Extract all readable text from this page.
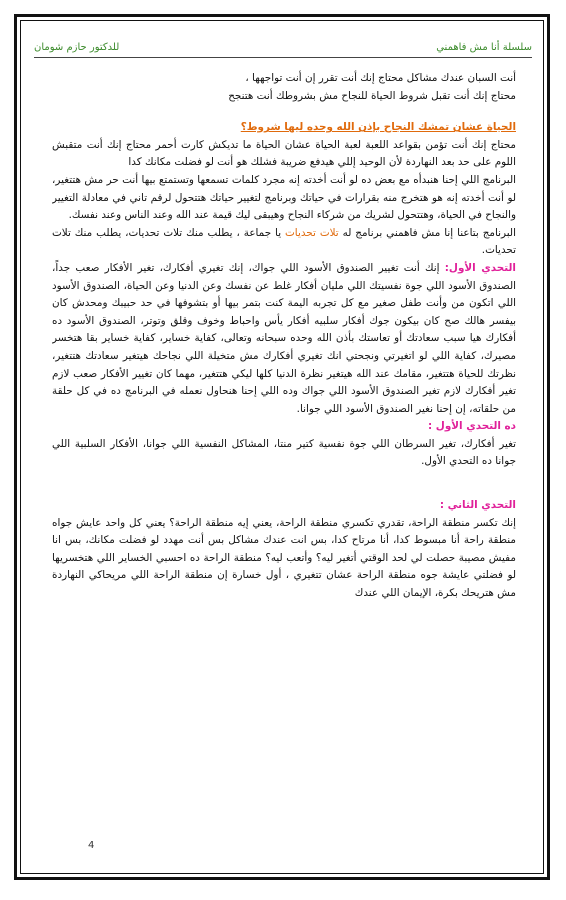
سلسلة أنا مش فاهمني
للدكتور حازم شومان

أنت السبان عندك مشاكل محتاج إنك أنت تقرر إن أنت تواجهها ،

محتاج إنك أنت تقبل شروط الحياة للنجاح مش بشروطك أنت هتنجح

الحياة عشان تمشك النجاح بإذن الله وحده ليها شروط؟

محتاج إنك أنت تؤمن بقواعد اللعبة لعبة الحياة عشان الحياة ما تديكش كارت أحمر محتاج إنك أنت متقبش اللوم على حد بعد النهاردة لأن الوحيد إللي هيدفع ضريبة فشلك هو أنت لو فضلت مكانك كدا

البرنامج اللي إحنا هنبدأه مع بعض ده لو أنت أخدته إنه مجرد كلمات تسمعها وتستمتع بيها أنت حر مش هتتغير، لو أنت أخدته إنه هو هتخرج منه بقرارات في حياتك وبرنامج لتغيير حياتك هتتحول لرقم تاني في معادلة التغيير والنجاح في الحياة، وهتتحول لشريك من شركاء النجاح وهيبقى ليك قيمة عند الله وعند الناس وعند نفسك.

البرنامج بتاعنا إنا مش فاهمني برنامج له تلات تحديات يا جماعة ، يطلب منك تلات تحديات، يطلب منك تلات تحديات.

التحدي الأول: إنك أنت تغيير الصندوق الأسود اللي جواك، إنك تغيري أفكارك، تغير الأفكار صعب جداً، الصندوق الأسود اللي جوة نفسيتك اللي مليان أفكار غلط عن نفسك وعن الدنيا وعن الحياة، الصندوق الأسود اللي اتكون من وأنت طفل صغير مع كل تجربه اليمة كنت بتمر بيها أو بتشوفها في حد حبيبك ومحدش كان بيفسر هالك صح كان بيكون جوك أفكار سلبيه أفكار يأس واحباط وخوف وقلق وتوتر، الصندوق الأسود ده أفكارك هيا سبب سعادتك أو تعاستك بأذن الله وحده سبحانه وتعالى، كفاية خساير، كفاية خساير بقا هتخسر مصيرك، كفاية اللي لو اتغيرتي ونجحتي انك تغيري أفكارك مش متخيلة اللي نجاحك هيتغير سعادتك هتتغير، نظرتك للحياة هتتغير، مقامك عند الله هيتغير نظرة الدنيا كلها ليكي هتتغير، مهما كان تغيير الأفكار صعب لازم تغير أفكارك لازم تغير الصندوق الأسود اللي جواك وده اللي إحنا هنحاول نعمله في البرنامج ده في كل حلقة من حلقاته، إن إحنا نغير الصندوق الأسود اللي جوانا.

ده التحدي الأول :

تغير أفكارك، تغير السرطان اللي جوة نفسية كتير منتا، المشاكل النفسية اللي جوانا، الأفكار السلبية اللي جوانا ده التحدي الأول.

التحدي الثاني :

إنك تكسر منطقة الراحة، تقدري تكسري منطقة الراحة، يعني إيه منطقة الراحة؟ يعني كل واحد عايش جواه منطقة راحة أنا مبسوط كدا، أنا مرتاح كدا، بس انت عندك مشاكل بس أنت مهدد لو فضلت مكانك، بس انا مفيش مصيبة حصلت لي لحد الوقتي أتغير ليه؟ وأتعب ليه؟ منطقة الراحة ده احسبي الخساير اللي هتخسريها لو فضلتي عايشة جوه منطقة الراحة عشان تتغيري ، أول خسارة إن منطقة الراحة اللي مريحاكي النهاردة مش هتريحك بكرة، الإيمان اللي عندك

4
